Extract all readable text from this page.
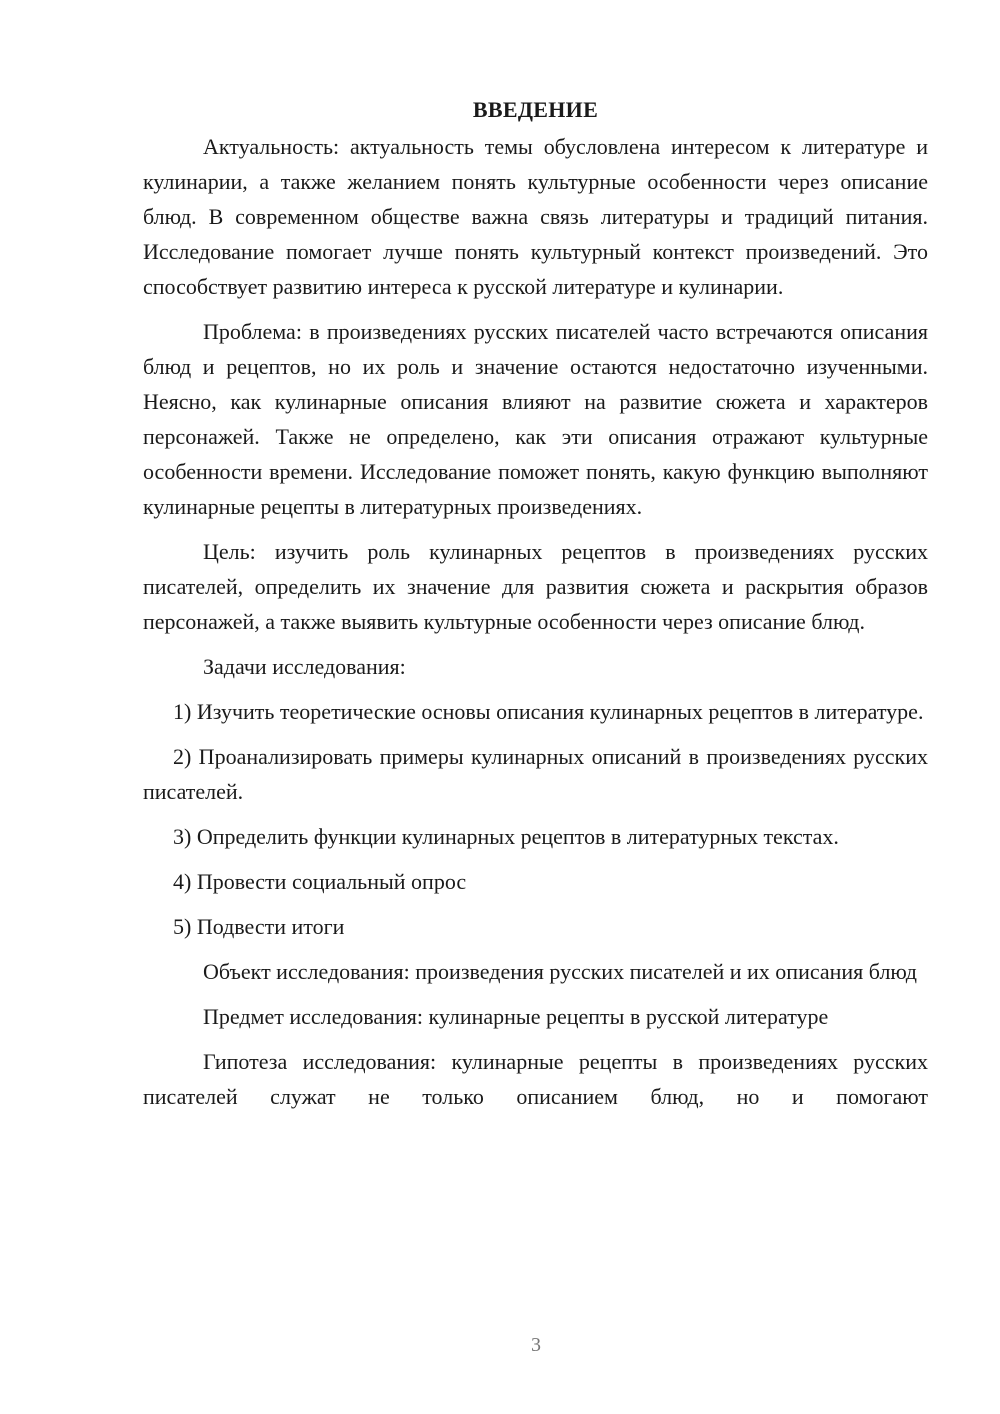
ВВЕДЕНИЕ

Актуальность: актуальность темы обусловлена интересом к литературе и кулинарии, а также желанием понять культурные особенности через описание блюд. В современном обществе важна связь литературы и традиций питания. Исследование помогает лучше понять культурный контекст произведений. Это способствует развитию интереса к русской литературе и кулинарии.

Проблема: в произведениях русских писателей часто встречаются описания блюд и рецептов, но их роль и значение остаются недостаточно изученными. Неясно, как кулинарные описания влияют на развитие сюжета и характеров персонажей. Также не определено, как эти описания отражают культурные особенности времени. Исследование поможет понять, какую функцию выполняют кулинарные рецепты в литературных произведениях.

Цель: изучить роль кулинарных рецептов в произведениях русских писателей, определить их значение для развития сюжета и раскрытия образов персонажей, а также выявить культурные особенности через описание блюд.

Задачи исследования:

1) Изучить теоретические основы описания кулинарных рецептов в литературе.

2) Проанализировать примеры кулинарных описаний в произведениях русских писателей.

3) Определить функции кулинарных рецептов в литературных текстах.

4) Провести социальный опрос

5) Подвести итоги

Объект исследования: произведения русских писателей и их описания блюд

Предмет исследования: кулинарные рецепты в русской литературе

Гипотеза исследования: кулинарные рецепты в произведениях русских писателей служат не только описанием блюд, но и помогают

3
